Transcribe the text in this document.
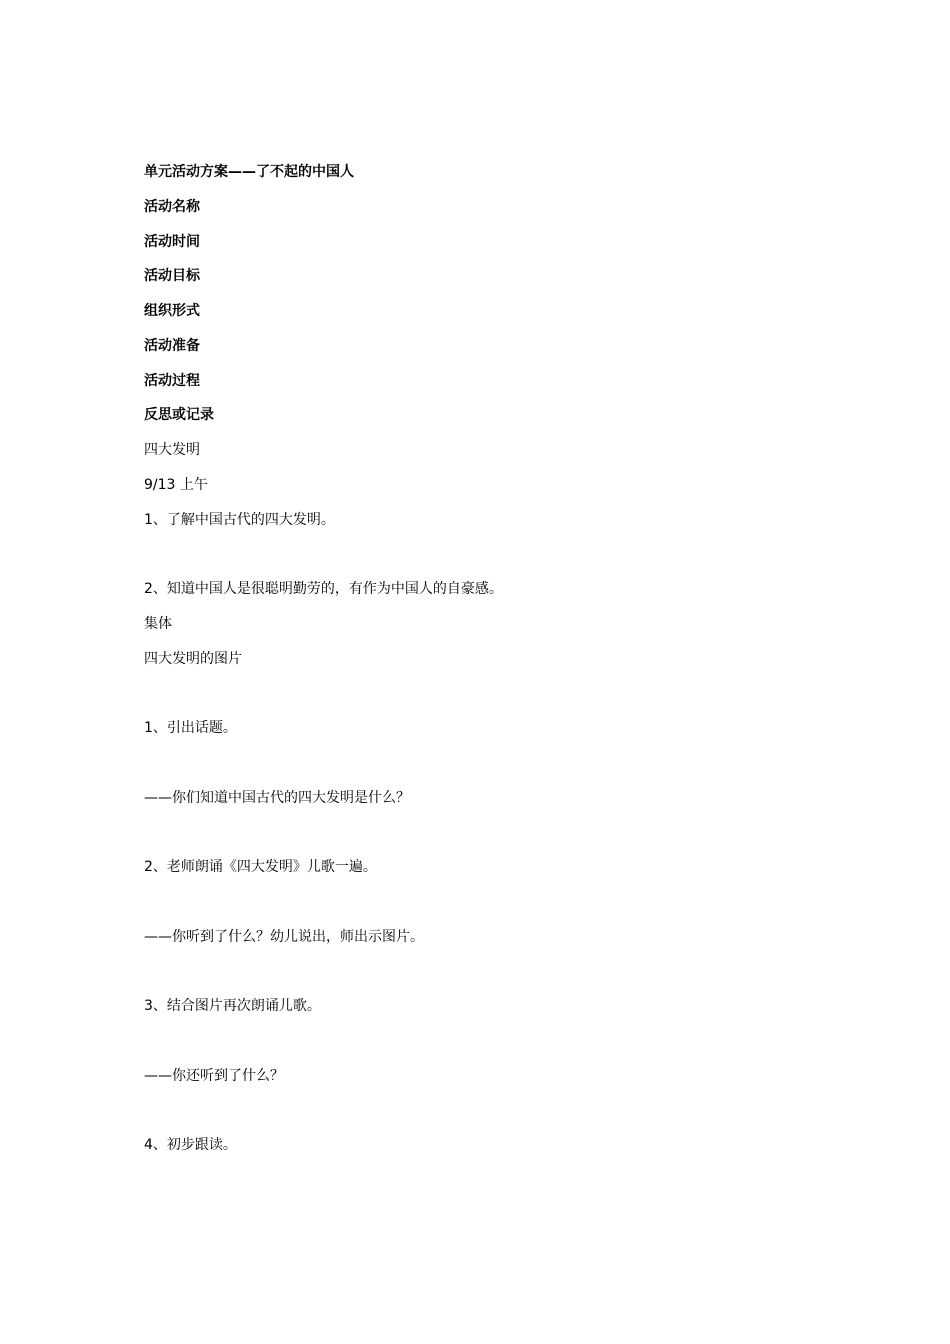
单元活动方案——了不起的中国人
活动名称
活动时间
活动目标
组织形式
活动准备
活动过程
反思或记录
四大发明
9/13 上午
1、了解中国古代的四大发明。
2、知道中国人是很聪明勤劳的，有作为中国人的自豪感。
集体
四大发明的图片
1、引出话题。
——你们知道中国古代的四大发明是什么？
2、老师朗诵《四大发明》儿歌一遍。
——你听到了什么？幼儿说出，师出示图片。
3、结合图片再次朗诵儿歌。
——你还听到了什么？
4、初步跟读。
